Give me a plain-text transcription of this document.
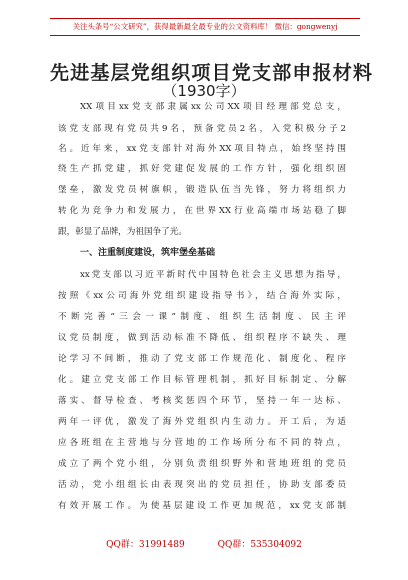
关注头条号“公文研究”，获得最新最全最专业的公文资料库！ 微信：gongwenyj
先进基层党组织项目党支部申报材料
（1930字）
XX项目xx党支部隶属xx公司XX项目经理部党总支，
该党支部现有党员共9名，预备党员2名，入党积极分子2
名。近年来，xx党支部针对海外XX项目特点，始终坚持围
绕生产抓党建，抓好党建促发展的工作方针，强化组织固
堡垒，激发党员树旗帜，锻造队伍当先锋，努力将组织力
转化为竞争力和发展力，在世界XX行业高端市场站稳了脚
跟，彰显了品牌，为祖国争了光。
一、注重制度建设，筑牢堡垒基础
xx党支部以习近平新时代中国特色社会主义思想为指导，
按照《xx公司海外党组织建设指导书》，结合海外实际，
不断完善“三会一课”制度、组织生活制度、民主评
议党员制度，做到活动标准不降低、组织程序不缺失、理
论学习不间断，推动了党支部工作规范化、制度化、程序
化。建立党支部工作目标管理机制，抓好目标制定、分解
落实、督导检查、考核奖惩四个环节，坚持一年一达标、
两年一评优，激发了海外党组织内生动力。开工后，为适
应各班组在主营地与分营地的工作场所分布不同的特点，
成立了两个党小组，分别负责组织野外和营地班组的党员
活动，党小组组长由表现突出的党员担任，协助支部委员
有效开展工作。为使基层建设工作更加规范，xx党支部制
QQ群：31991489	QQ群：535304092
